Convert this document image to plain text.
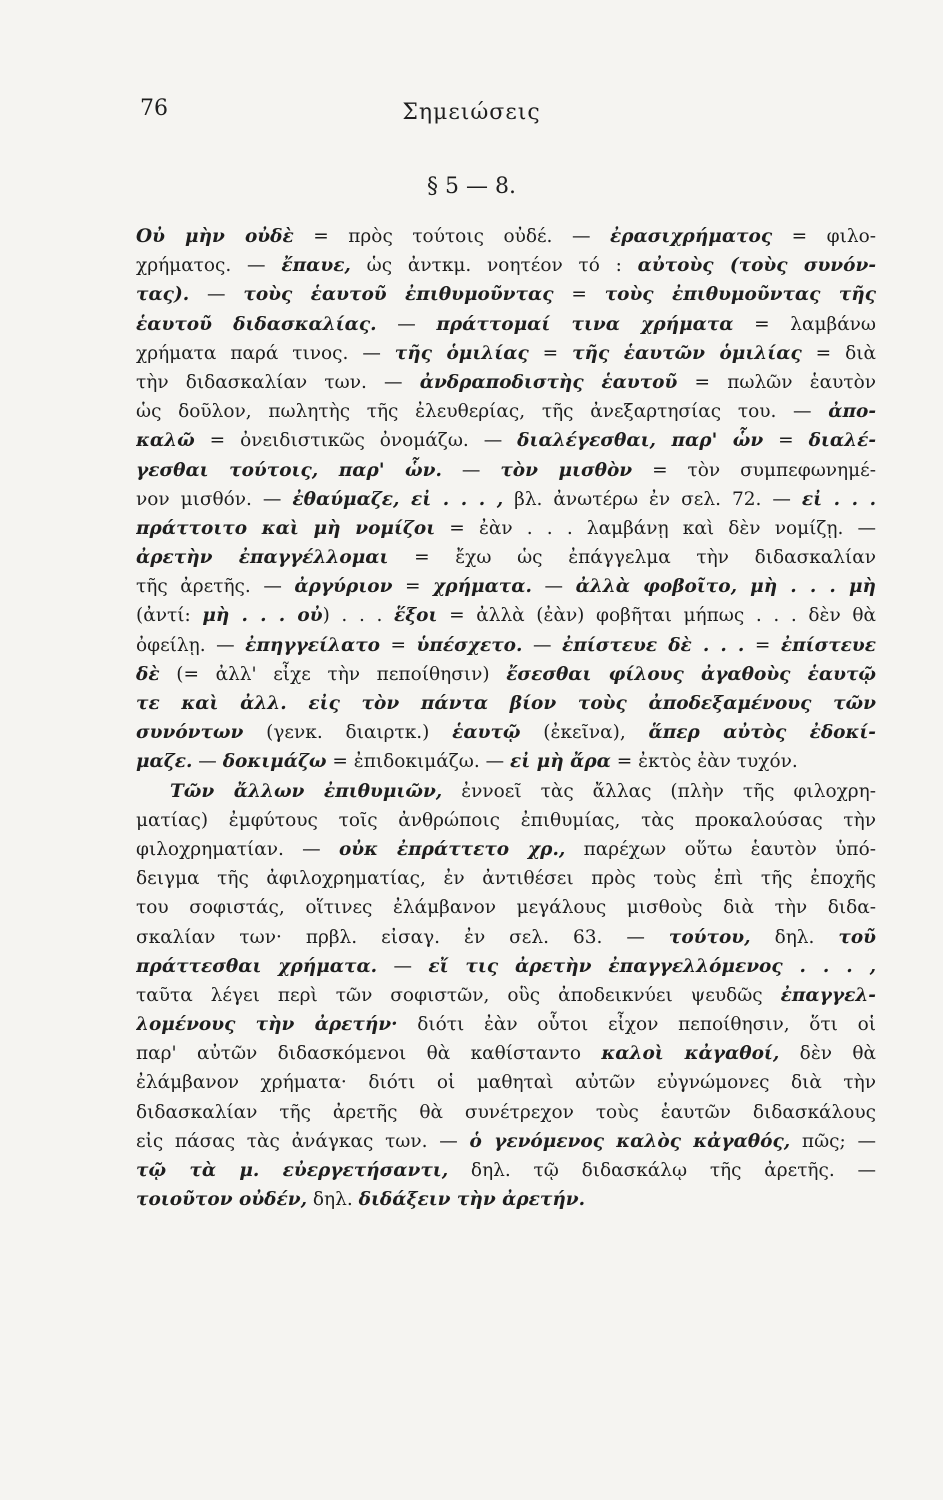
76	Σημειώσεις
§ 5 — 8.
Οὐ μὴν οὐδὲ = πρὸς τούτοις οὐδέ. — ἐρασιχρήματος = φιλο-
χρήματος. — ἔπαυε, ὡς ἀντκμ. νοητέον τό : αὐτοὺς (τοὺς συνόν-
τας). — τοὺς ἑαυτοῦ ἐπιθυμοῦντας = τοὺς ἐπιθυμοῦντας τῆς
ἑαυτοῦ διδασκαλίας. — πράττομαί τινα χρήματα = λαμβάνω
χρήματα παρά τινος. — τῆς ὁμιλίας = τῆς ἑαυτῶν ὁμιλίας = διὰ
τὴν διδασκαλίαν των. — ἀνδραποδιστὴς ἑαυτοῦ = πωλῶν ἑαυτὸν
ὡς δοῦλον, πωλητὴς τῆς ἐλευθερίας, τῆς ἀνεξαρτησίας του. — ἀπο-
καλῶ = ὀνειδιστικῶς ὀνομάζω. — διαλέγεσθαι, παρ' ὧν = διαλέ-
γεσθαι τούτοις, παρ' ὧν. — τὸν μισθὸν = τὸν συμπεφωνημέ-
νον μισθόν. — ἐθαύμαζε, εἰ . . . , βλ. ἀνωτέρω ἐν σελ. 72. — εἰ . . .
πράττοιτο καὶ μὴ νομίζοι = ἐὰν . . . λαμβάνῃ καὶ δὲν νομίζῃ. —
ἀρετὴν ἐπαγγέλλομαι = ἔχω ὡς ἐπάγγελμα τὴν διδασκαλίαν
τῆς ἀρετῆς. — ἀργύριον = χρήματα. — ἀλλὰ φοβοῖτο, μὴ . . . μὴ
(ἀντί: μὴ . . . οὐ) . . . ἕξοι = ἀλλὰ (ἐὰν) φοβῆται μήπως . . . δὲν θὰ
ὀφείλῃ. — ἐπηγγείλατο = ὑπέσχετο. — ἐπίστευε δὲ . . . = ἐπίστευε
δὲ (= ἀλλ' εἶχε τὴν πεποίθησιν) ἔσεσθαι φίλους ἀγαθοὺς ἑαυτῷ
τε καὶ ἀλλ. εἰς τὸν πάντα βίον τοὺς ἀποδεξαμένους τῶν
συνόντων (γενκ. διαιρτκ.) ἑαυτῷ (ἐκεῖνα), ἅπερ αὐτὸς ἐδοκί-
μαζε. — δοκιμάζω = ἐπιδοκιμάζω. — εἰ μὴ ἄρα = ἐκτὸς ἐὰν τυχόν.
Τῶν ἄλλων ἐπιθυμιῶν, ἐννοεῖ τὰς ἄλλας (πλὴν τῆς φιλοχρη-
ματίας) ἐμφύτους τοῖς ἀνθρώποις ἐπιθυμίας, τὰς προκαλούσας τὴν
φιλοχρηματίαν. — οὐκ ἐπράττετο χρ., παρέχων οὕτω ἑαυτὸν ὑπό-
δειγμα τῆς ἀφιλοχρηματίας, ἐν ἀντιθέσει πρὸς τοὺς ἐπὶ τῆς ἐποχῆς
του σοφιστάς, οἵτινες ἐλάμβανον μεγάλους μισθοὺς διὰ τὴν διδα-
σκαλίαν των· πρβλ. εἰσαγ. ἐν σελ. 63. — τούτου, δηλ. τοῦ
πράττεσθαι χρήματα. — εἴ τις ἀρετὴν ἐπαγγελλόμενος . . . ,
ταῦτα λέγει περὶ τῶν σοφιστῶν, οὓς ἀποδεικνύει ψευδῶς ἐπαγγελ-
λομένους τὴν ἀρετήν· διότι ἐὰν οὗτοι εἶχον πεποίθησιν, ὅτι οἱ
παρ' αὐτῶν διδασκόμενοι θὰ καθίσταντο καλοὶ κἀγαθοί, δὲν θὰ
ἐλάμβανον χρήματα· διότι οἱ μαθηταὶ αὐτῶν εὐγνώμονες διὰ τὴν
διδασκαλίαν τῆς ἀρετῆς θὰ συνέτρεχον τοὺς ἑαυτῶν διδασκάλους
εἰς πάσας τὰς ἀνάγκας των. — ὁ γενόμενος καλὸς κἀγαθός, πῶς; —
τῷ τὰ μ. εὐεργετήσαντι, δηλ. τῷ διδασκάλῳ τῆς ἀρετῆς. —
τοιοῦτον οὐδέν, δηλ. διδάξειν τὴν ἀρετήν.
